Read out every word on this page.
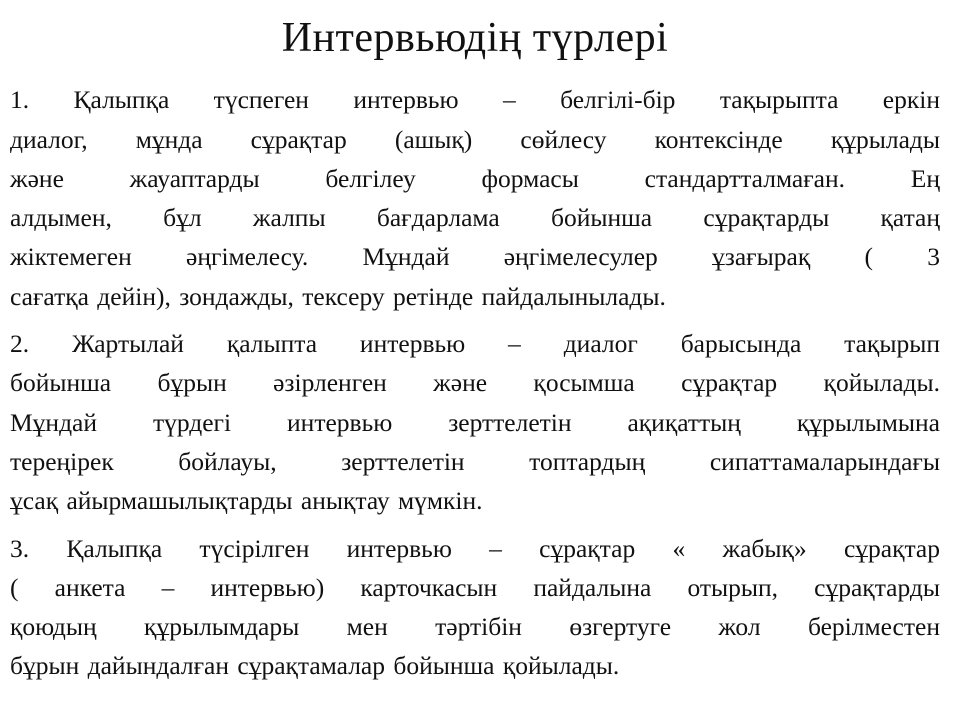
Интервьюдің түрлері
1. Қалыпқа түспеген интервью – белгілі-бір тақырыпта еркін
диалог, мұнда сұрақтар (ашық) сөйлесу контексінде құрылады
және жауаптарды белгілеу формасы стандартталмаған. Ең
алдымен, бұл жалпы бағдарлама бойынша сұрақтарды қатаң
жіктемеген әңгімелесу. Мұндай әңгімелесулер ұзағырақ ( 3
сағатқа дейін), зондажды, тексеру ретінде пайдалынылады.
2. Жартылай қалыпта интервью – диалог барысында тақырып
бойынша бұрын әзірленген және қосымша сұрақтар қойылады.
Мұндай түрдегі интервью зерттелетін ақиқаттың құрылымына
тереңірек бойлауы, зерттелетін топтардың сипаттамаларындағы
ұсақ айырмашылықтарды анықтау мүмкін.
3. Қалыпқа түсірілген интервью – сұрақтар « жабық» сұрақтар
( анкета – интервью) карточкасын пайдалына отырып, сұрақтарды
қоюдың құрылымдары мен тәртібін өзгертуге жол берілместен
бұрын дайындалған сұрақтамалар бойынша қойылады.
